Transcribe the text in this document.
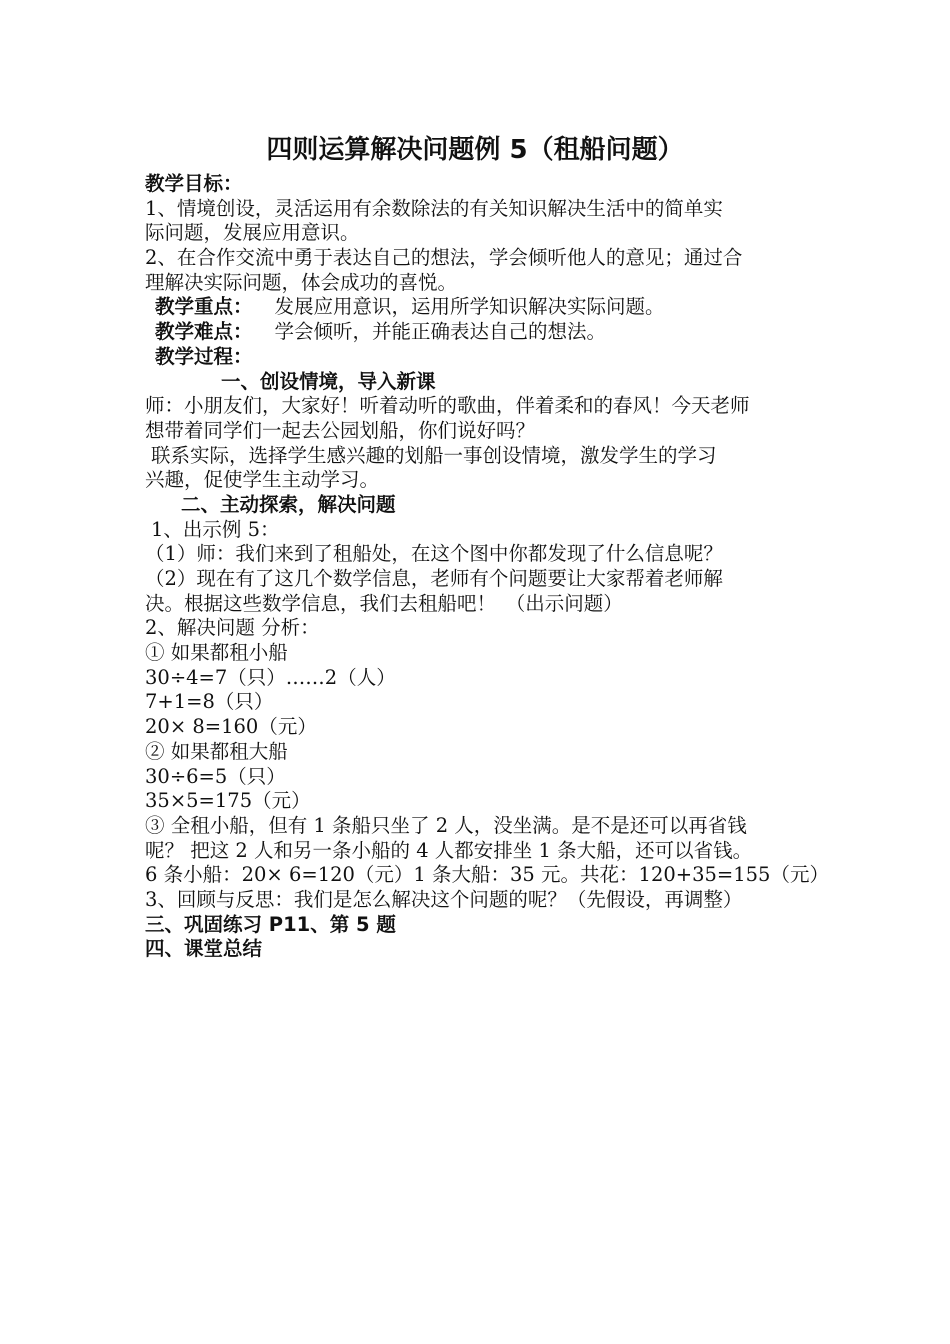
四则运算解决问题例 5（租船问题）
教学目标：
1、情境创设，灵活运用有余数除法的有关知识解决生活中的简单实
际问题，发展应用意识。
2、在合作交流中勇于表达自己的想法，学会倾听他人的意见；通过合
理解决实际问题，体会成功的喜悦。
教学重点： 发展应用意识，运用所学知识解决实际问题。
教学难点： 学会倾听，并能正确表达自己的想法。
教学过程：
一、创设情境，导入新课
师：小朋友们，大家好！听着动听的歌曲，伴着柔和的春风！今天老师
想带着同学们一起去公园划船，你们说好吗？
联系实际，选择学生感兴趣的划船一事创设情境，激发学生的学习
兴趣，促使学生主动学习。
二、主动探索，解决问题
1、出示例 5：
（1）师：我们来到了租船处，在这个图中你都发现了什么信息呢？
（2）现在有了这几个数学信息，老师有个问题要让大家帮着老师解
决。根据这些数学信息，我们去租船吧！　（出示问题）
2、解决问题 分析：
① 如果都租小船
30÷4=7（只）……2（人）
7+1=8（只）
20× 8=160（元）
② 如果都租大船
30÷6=5（只）
35×5=175（元）
③ 全租小船，但有 1 条船只坐了 2 人，没坐满。是不是还可以再省钱
呢？ 把这 2 人和另一条小船的 4 人都安排坐 1 条大船，还可以省钱。
6 条小船：20× 6=120（元）1 条大船：35 元。共花：120+35=155（元）
3、回顾与反思：我们是怎么解决这个问题的呢？（先假设，再调整）
三、巩固练习 P11、第 5 题
四、课堂总结
